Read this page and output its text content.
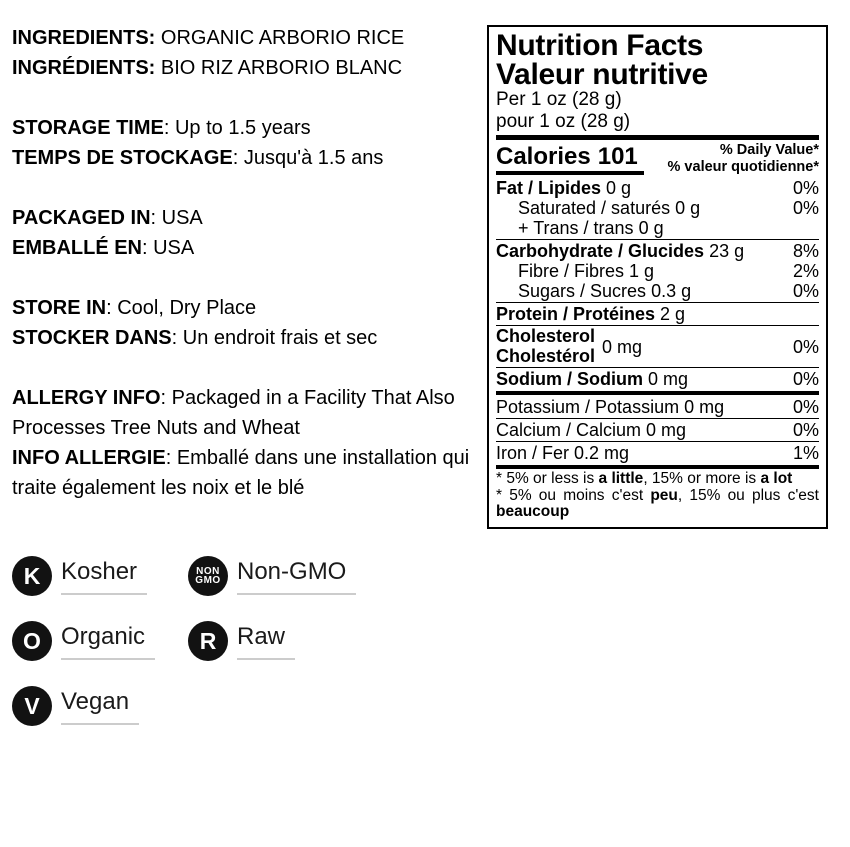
INGREDIENTS: ORGANIC ARBORIO RICE

INGRÉDIENTS: BIO RIZ ARBORIO BLANC

STORAGE TIME: Up to 1.5 years

TEMPS DE STOCKAGE: Jusqu'à 1.5 ans

PACKAGED IN: USA

EMBALLÉ EN: USA

STORE IN: Cool, Dry Place

STOCKER DANS: Un endroit frais et sec

ALLERGY INFO: Packaged in a Facility That Also Processes Tree Nuts and Wheat

INFO ALLERGIE: Emballé dans une installation qui traite également les noix et le blé

Nutrition Facts
Valeur nutritive

Per 1 oz (28 g)

pour 1 oz (28 g)

Calories 101	% Daily Value*
% valeur quotidienne*
Fat / Lipides 0 g	0%
Saturated / saturés 0 g	0%
+ Trans / trans 0 g
Carbohydrate / Glucides 23 g	8%
Fibre / Fibres 1 g	2%
Sugars / Sucres 0.3 g	0%
Protein / Protéines 2 g
Cholesterol
Cholestérol 0 mg	0%
Sodium / Sodium 0 mg	0%
Potassium / Potassium 0 mg	0%
Calcium / Calcium 0 mg	0%
Iron / Fer 0.2 mg	1%

* 5% or less is a little, 15% or more is a lot

* 5% ou moins c'est peu, 15% ou plus c'est beaucoup

K Kosher	NON
GMO Non-GMO
O Organic	R Raw
V Vegan
